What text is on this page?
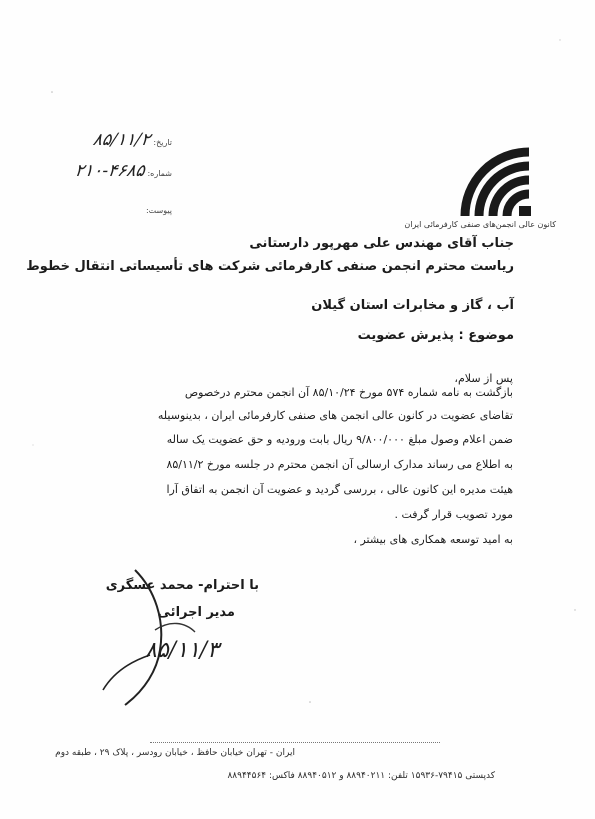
تاریخ:
۸۵/۱۱/۲
شماره:
۲۱۰-۴۶۸۵
پیوست:
کانون عالی انجمن‌های صنفی کارفرمائی ایران
جناب آقای مهندس علی مهرپور دارستانی
ریاست محترم انجمن صنفی کارفرمائی شرکت های تأسیساتی انتقال خطوط
آب ، گاز و مخابرات استان گیلان
موضوع : پذیرش عضویت
پس از سلام،
بازگشت به نامه شماره ۵۷۴ مورخ ۸۵/۱۰/۲۴ آن انجمن محترم درخصوص
تقاضای عضویت در کانون عالی انجمن های صنفی کارفرمائی ایران ، بدینوسیله
ضمن اعلام وصول مبلغ ۹/۸۰۰/۰۰۰ ریال بابت ورودیه و حق عضویت یک ساله
به اطلاع می رساند مدارک ارسالی آن انجمن محترم در جلسه مورخ ۸۵/۱۱/۲
هیئت مدیره این کانون عالی ، بررسی گردید و عضویت آن انجمن به اتفاق آرا
مورد تصویب قرار گرفت .
به امید توسعه همکاری های بیشتر ،
با احترام- محمد عسگری
مدیر اجرائی
۸۵/۱۱/۳
ایران - تهران خیابان حافظ ، خیابان رودسر ، پلاک ۲۹ ، طبقه دوم
کدپستی ۷۹۴۱۵-۱۵۹۳۶ تلفن: ۸۸۹۴۰۲۱۱ و ۸۸۹۴۰۵۱۲ فاکس: ۸۸۹۴۴۵۶۴
